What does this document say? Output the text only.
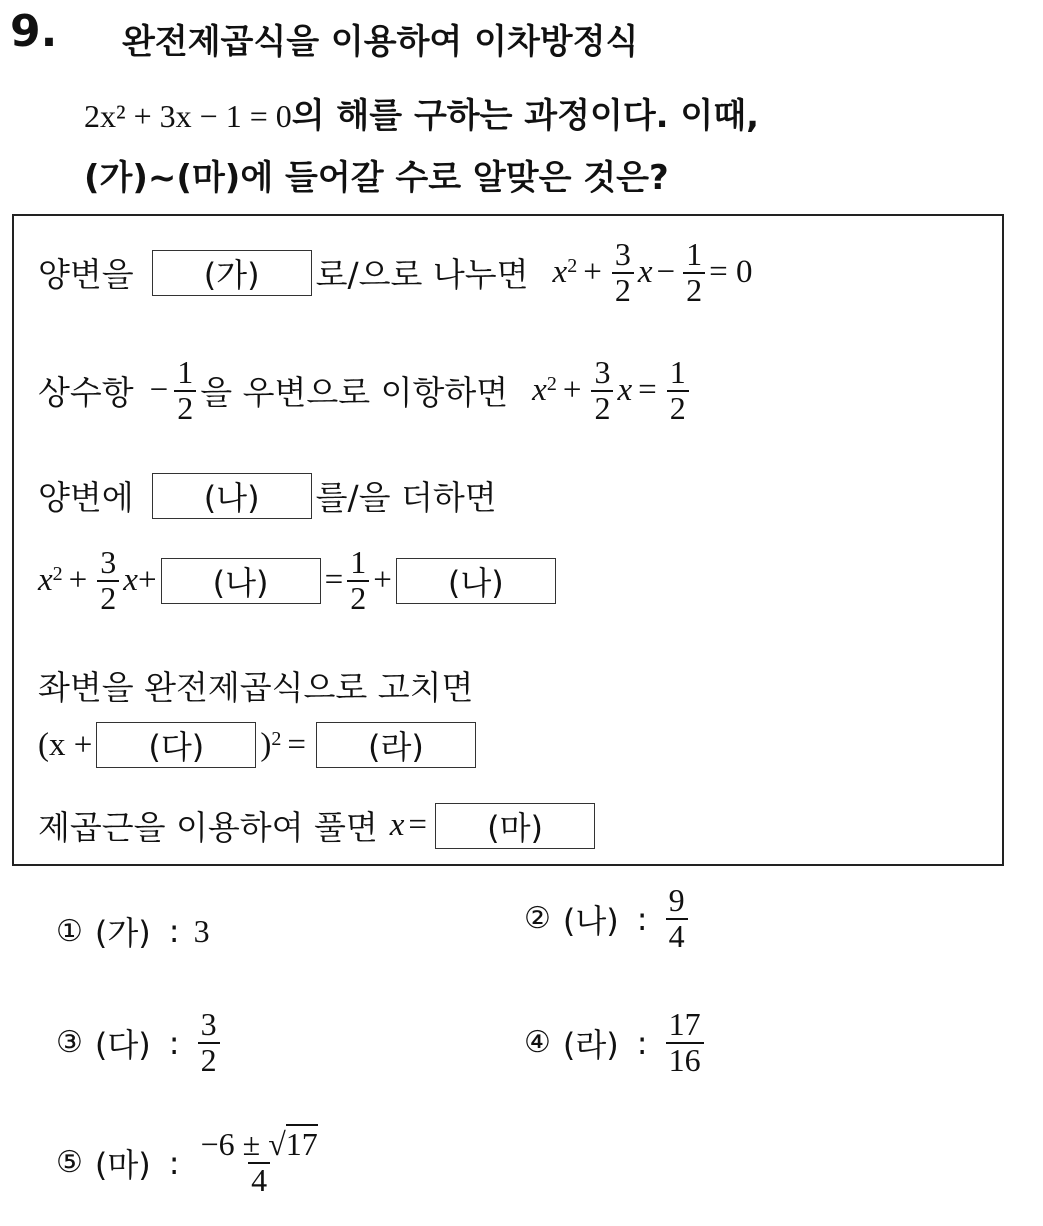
9. 완전제곱식을 이용하여 이차방정식
2x² + 3x − 1 = 0의 해를 구하는 과정이다. 이때,
(가)~(마)에 들어갈 수로 알맞은 것은?
양변을 (가) 로/으로 나누면 $x^2 + \frac{3}{2}$ $x - \frac{1}{2} = 0$
상수항 − $\frac{1}{2}$ 을 우변으로 이항하면 $x^2 + \frac{3}{2}$ $x = \frac{1}{2}$
양변에 (나) 를/을 더하면
$x^2 + \frac{3}{2}$ x + (나) = $\frac{1}{2}$ + (나)
좌변을 완전제곱식으로 고치면
(x + (다) )$^2$ = (라)
제곱근을 이용하여 풀면 x = (마)
① (가) : 3	② (나) : $\frac{9}{4}$
③ (다) : $\frac{3}{2}$	④ (라) : $\frac{17}{16}$
⑤ (마) : $\frac{-6 \pm √17}{4}$
